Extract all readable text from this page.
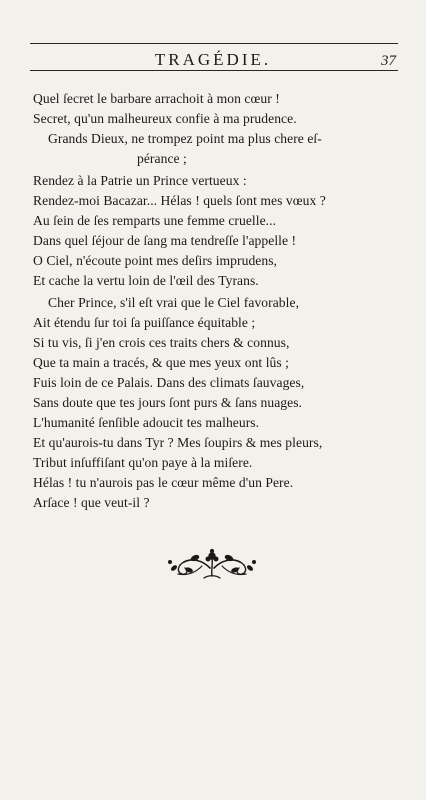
TRAGÉDIE.	37
Quel ſecret le barbare arrachoit à mon cœur !
Secret, qu'un malheureux confie à ma prudence.
Grands Dieux, ne trompez point ma plus chere eſ-
pérance ;
Rendez à la Patrie un Prince vertueux :
Rendez-moi Bacazar... Hélas ! quels ſont mes vœux ?
Au ſein de ſes remparts une femme cruelle...
Dans quel ſéjour de ſang ma tendreſſe l'appelle !
O Ciel, n'écoute point mes deſirs imprudens,
Et cache la vertu loin de l'œil des Tyrans.
Cher Prince, s'il eſt vrai que le Ciel favorable,
Ait étendu ſur toi ſa puiſſance équitable ;
Si tu vis, ſi j'en crois ces traits chers & connus,
Que ta main a tracés, & que mes yeux ont lûs ;
Fuis loin de ce Palais. Dans des climats ſauvages,
Sans doute que tes jours ſont purs & ſans nuages.
L'humanité ſenſible adoucit tes malheurs.
Et qu'aurois-tu dans Tyr ? Mes ſoupirs & mes pleurs,
Tribut inſuffiſant qu'on paye à la miſere.
Hélas ! tu n'aurois pas le cœur même d'un Pere.
Arſace ! que veut-il ?
